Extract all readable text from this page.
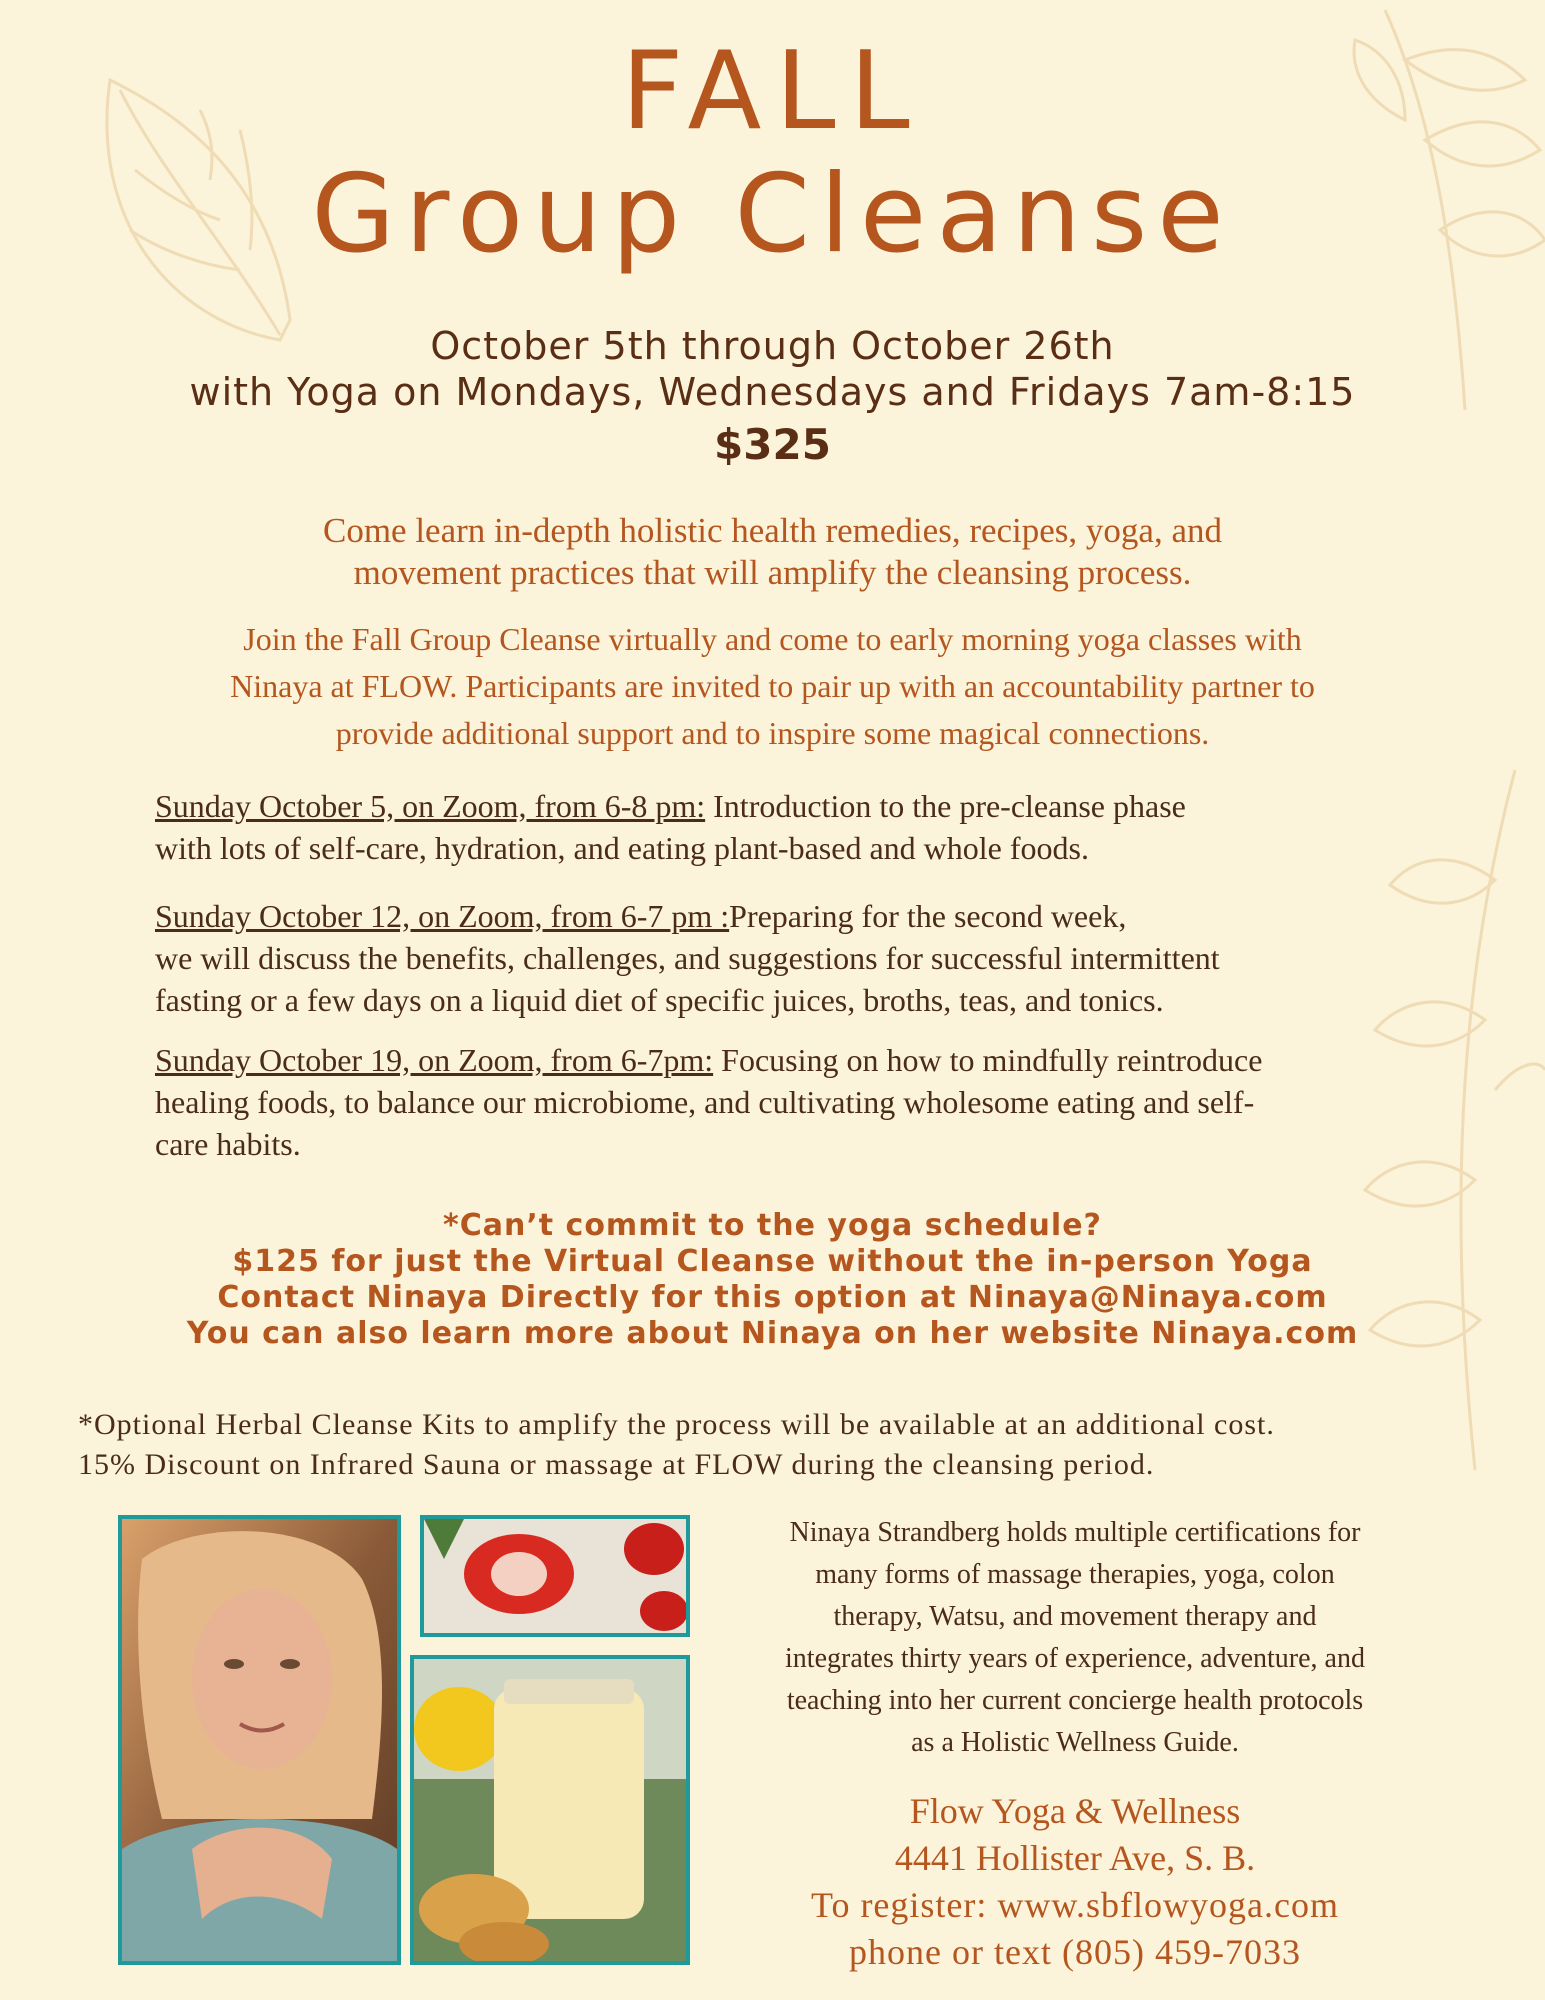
FALL
Group Cleanse
October 5th through October 26th
with Yoga on Mondays, Wednesdays and Fridays 7am-8:15
$325
Come learn in-depth holistic health remedies, recipes, yoga, and
movement practices that will amplify the cleansing process.
Join the Fall Group Cleanse virtually and come to early morning yoga classes with
Ninaya at FLOW. Participants are invited to pair up with an accountability partner to
provide additional support and to inspire some magical connections.
Sunday October 5, on Zoom, from 6-8 pm: Introduction to the pre-cleanse phase
with lots of self-care, hydration, and eating plant-based and whole foods.
Sunday October 12, on Zoom, from 6-7 pm :Preparing for the second week,
we will discuss the benefits, challenges, and suggestions for successful intermittent
fasting or a few days on a liquid diet of specific juices, broths, teas, and tonics.
Sunday October 19, on Zoom, from 6-7pm: Focusing on how to mindfully reintroduce
healing foods, to balance our microbiome, and cultivating wholesome eating and self-
care habits.
*Can’t commit to the yoga schedule?
$125 for just the Virtual Cleanse without the in-person Yoga
Contact Ninaya Directly for this option at Ninaya@Ninaya.com
You can also learn more about Ninaya on her website Ninaya.com
*Optional Herbal Cleanse Kits to amplify the process will be available at an additional cost.
15% Discount on Infrared Sauna or massage at FLOW during the cleansing period.
Ninaya Strandberg holds multiple certifications for
many forms of massage therapies, yoga, colon
therapy, Watsu, and movement therapy and
integrates thirty years of experience, adventure, and
teaching into her current concierge health protocols
as a Holistic Wellness Guide.
Flow Yoga & Wellness
4441 Hollister Ave, S. B.
To register: www.sbflowyoga.com
phone or text (805) 459-7033
